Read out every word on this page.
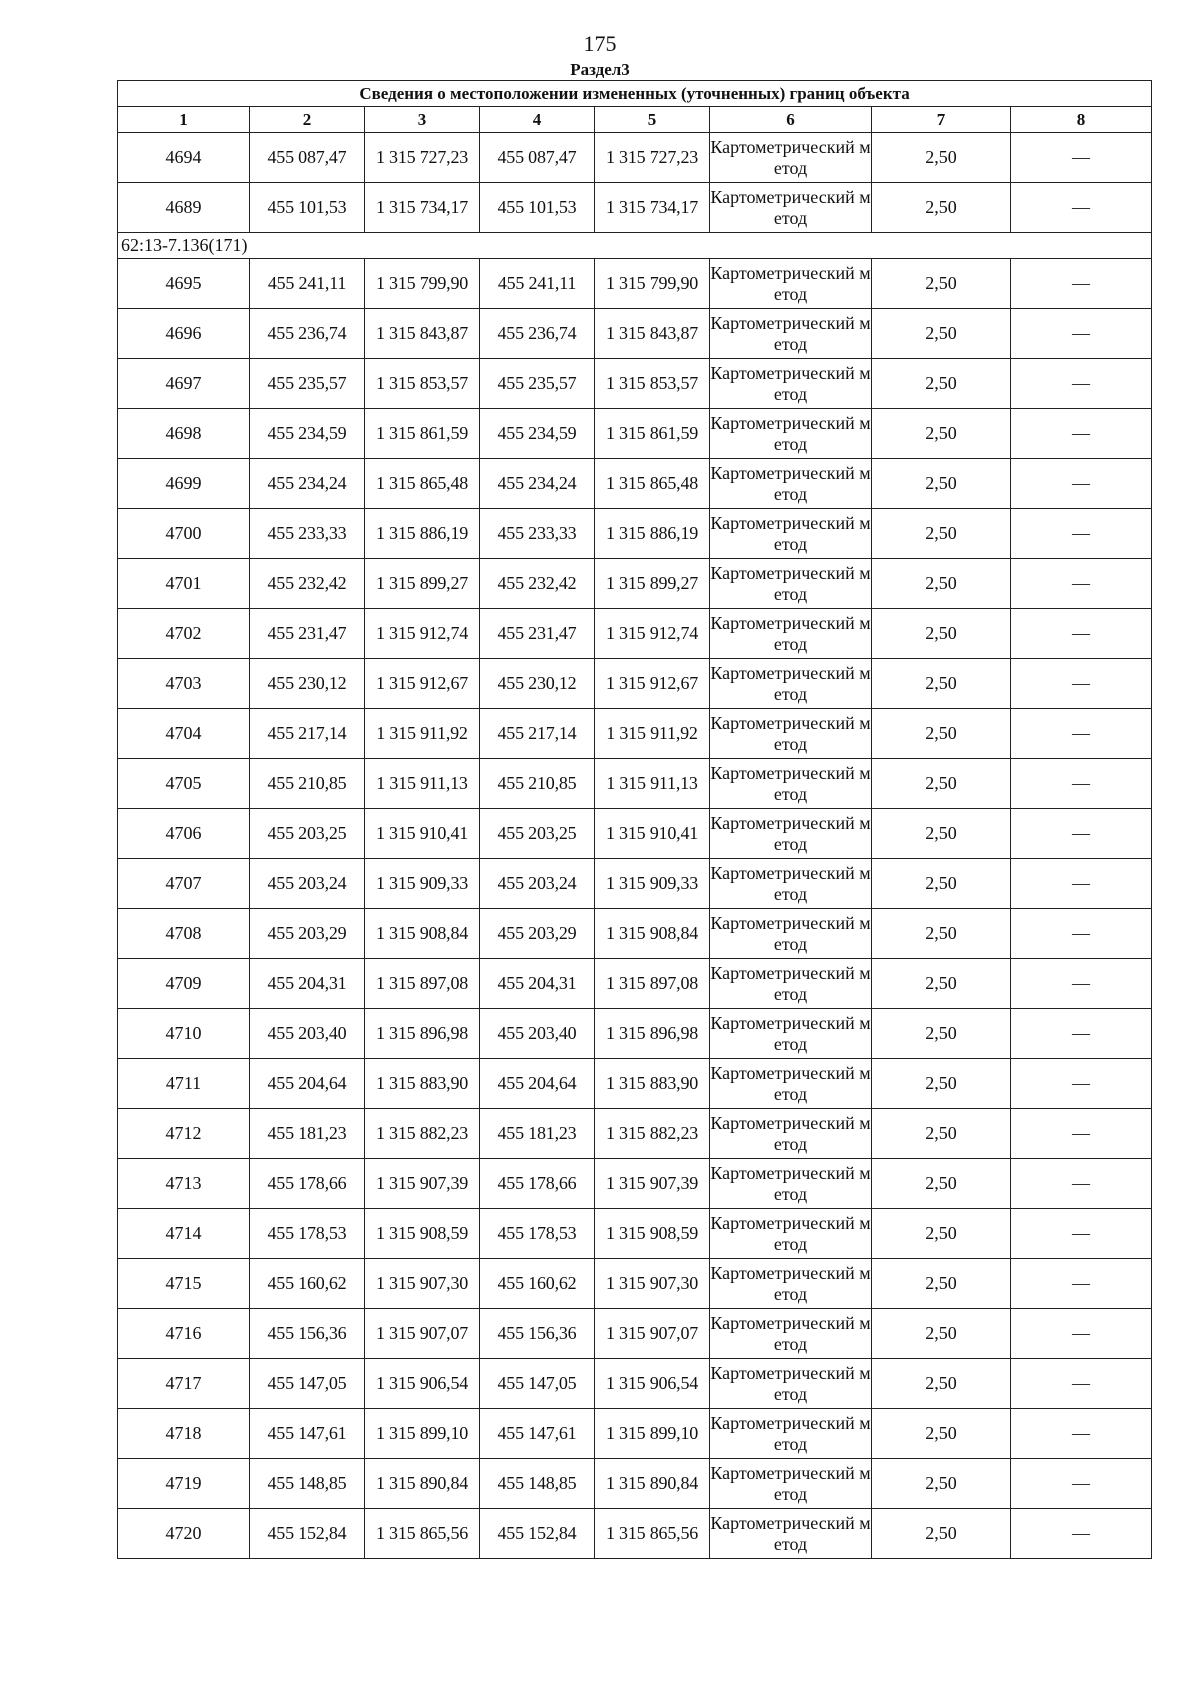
175
Раздел3
Сведения о местоположении измененных (уточненных) границ объекта							
1	2	3	4	5	6	7	8
4694	455 087,47	1 315 727,23	455 087,47	1 315 727,23	Картометрический метод	2,50	—
4689	455 101,53	1 315 734,17	455 101,53	1 315 734,17	Картометрический метод	2,50	—
62:13-7.136(171)							
4695	455 241,11	1 315 799,90	455 241,11	1 315 799,90	Картометрический метод	2,50	—
4696	455 236,74	1 315 843,87	455 236,74	1 315 843,87	Картометрический метод	2,50	—
4697	455 235,57	1 315 853,57	455 235,57	1 315 853,57	Картометрический метод	2,50	—
4698	455 234,59	1 315 861,59	455 234,59	1 315 861,59	Картометрический метод	2,50	—
4699	455 234,24	1 315 865,48	455 234,24	1 315 865,48	Картометрический метод	2,50	—
4700	455 233,33	1 315 886,19	455 233,33	1 315 886,19	Картометрический метод	2,50	—
4701	455 232,42	1 315 899,27	455 232,42	1 315 899,27	Картометрический метод	2,50	—
4702	455 231,47	1 315 912,74	455 231,47	1 315 912,74	Картометрический метод	2,50	—
4703	455 230,12	1 315 912,67	455 230,12	1 315 912,67	Картометрический метод	2,50	—
4704	455 217,14	1 315 911,92	455 217,14	1 315 911,92	Картометрический метод	2,50	—
4705	455 210,85	1 315 911,13	455 210,85	1 315 911,13	Картометрический метод	2,50	—
4706	455 203,25	1 315 910,41	455 203,25	1 315 910,41	Картометрический метод	2,50	—
4707	455 203,24	1 315 909,33	455 203,24	1 315 909,33	Картометрический метод	2,50	—
4708	455 203,29	1 315 908,84	455 203,29	1 315 908,84	Картометрический метод	2,50	—
4709	455 204,31	1 315 897,08	455 204,31	1 315 897,08	Картометрический метод	2,50	—
4710	455 203,40	1 315 896,98	455 203,40	1 315 896,98	Картометрический метод	2,50	—
4711	455 204,64	1 315 883,90	455 204,64	1 315 883,90	Картометрический метод	2,50	—
4712	455 181,23	1 315 882,23	455 181,23	1 315 882,23	Картометрический метод	2,50	—
4713	455 178,66	1 315 907,39	455 178,66	1 315 907,39	Картометрический метод	2,50	—
4714	455 178,53	1 315 908,59	455 178,53	1 315 908,59	Картометрический метод	2,50	—
4715	455 160,62	1 315 907,30	455 160,62	1 315 907,30	Картометрический метод	2,50	—
4716	455 156,36	1 315 907,07	455 156,36	1 315 907,07	Картометрический метод	2,50	—
4717	455 147,05	1 315 906,54	455 147,05	1 315 906,54	Картометрический метод	2,50	—
4718	455 147,61	1 315 899,10	455 147,61	1 315 899,10	Картометрический метод	2,50	—
4719	455 148,85	1 315 890,84	455 148,85	1 315 890,84	Картометрический метод	2,50	—
4720	455 152,84	1 315 865,56	455 152,84	1 315 865,56	Картометрический метод	2,50	—
